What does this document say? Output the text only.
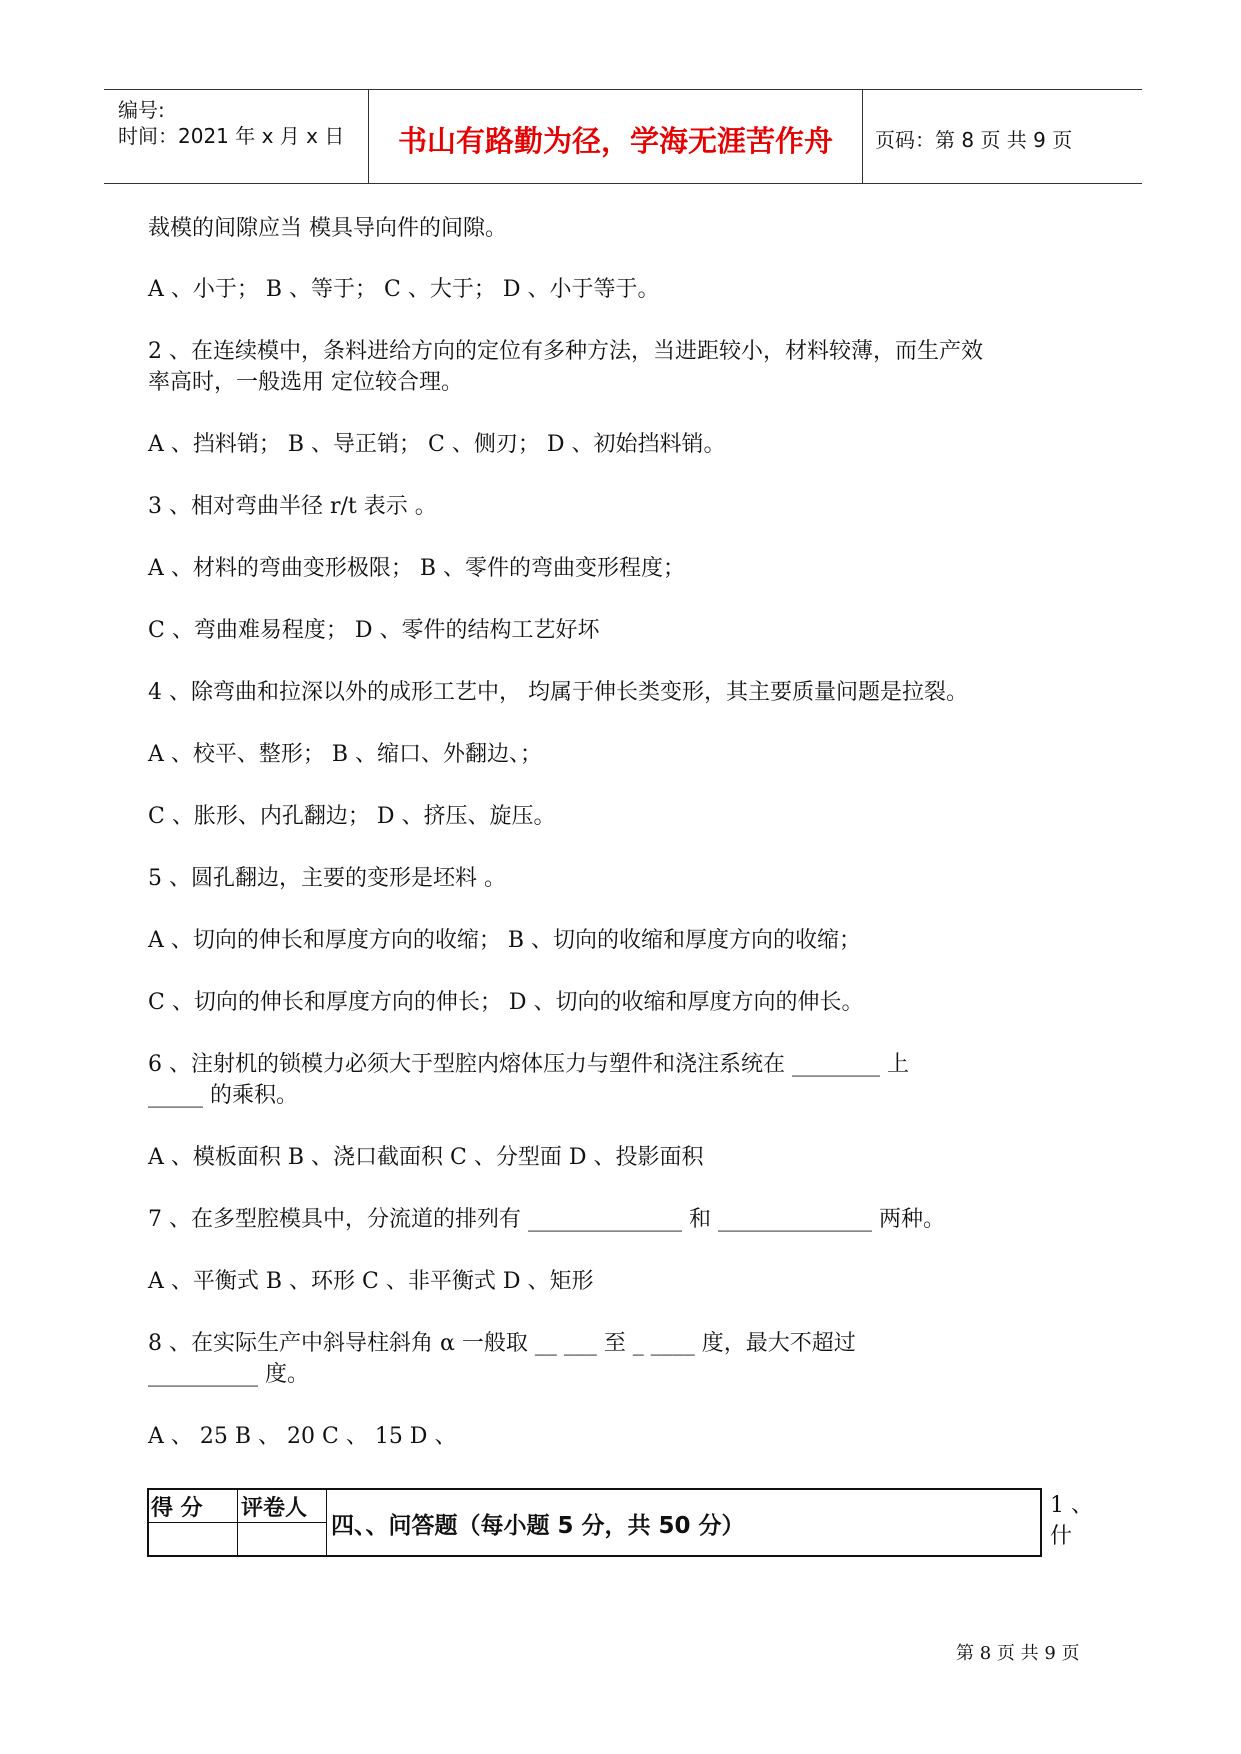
编号:
时间：2021 年 x 月 x 日	书山有路勤为径，学海无涯苦作舟	页码：第 8 页 共 9 页
裁模的间隙应当 模具导向件的间隙。
A 、小于； B 、等于； C 、大于； D 、小于等于。
2 、在连续模中，条料进给方向的定位有多种方法，当进距较小，材料较薄，而生产效
率高时，一般选用 定位较合理。
A 、挡料销； B 、导正销； C 、侧刃； D 、初始挡料销。
3 、相对弯曲半径 r/t 表示 。
A 、材料的弯曲变形极限； B 、零件的弯曲变形程度；
C 、弯曲难易程度； D 、零件的结构工艺好坏
4 、除弯曲和拉深以外的成形工艺中， 均属于伸长类变形，其主要质量问题是拉裂。
A 、校平、整形； B 、缩口、外翻边、；
C 、胀形、内孔翻边； D 、挤压、旋压。
5 、圆孔翻边，主要的变形是坯料 。
A 、切向的伸长和厚度方向的收缩； B 、切向的收缩和厚度方向的收缩；
C 、切向的伸长和厚度方向的伸长； D 、切向的收缩和厚度方向的伸长。
6 、注射机的锁模力必须大于型腔内熔体压力与塑件和浇注系统在 ________ 上
_____ 的乘积。
A 、模板面积 B 、浇口截面积 C 、分型面 D 、投影面积
7 、在多型腔模具中，分流道的排列有 ______________ 和 ______________ 两种。
A 、平衡式 B 、环形 C 、非平衡式 D 、矩形
8 、在实际生产中斜导柱斜角 α 一般取 __ ___ 至 _ ____ 度，最大不超过
__________ 度。
A 、 25 B 、 20 C 、 15 D 、
得 分 评卷人
四、、问答题（每小题 5 分，共 50 分）
1 、
什
第 8 页 共 9 页
